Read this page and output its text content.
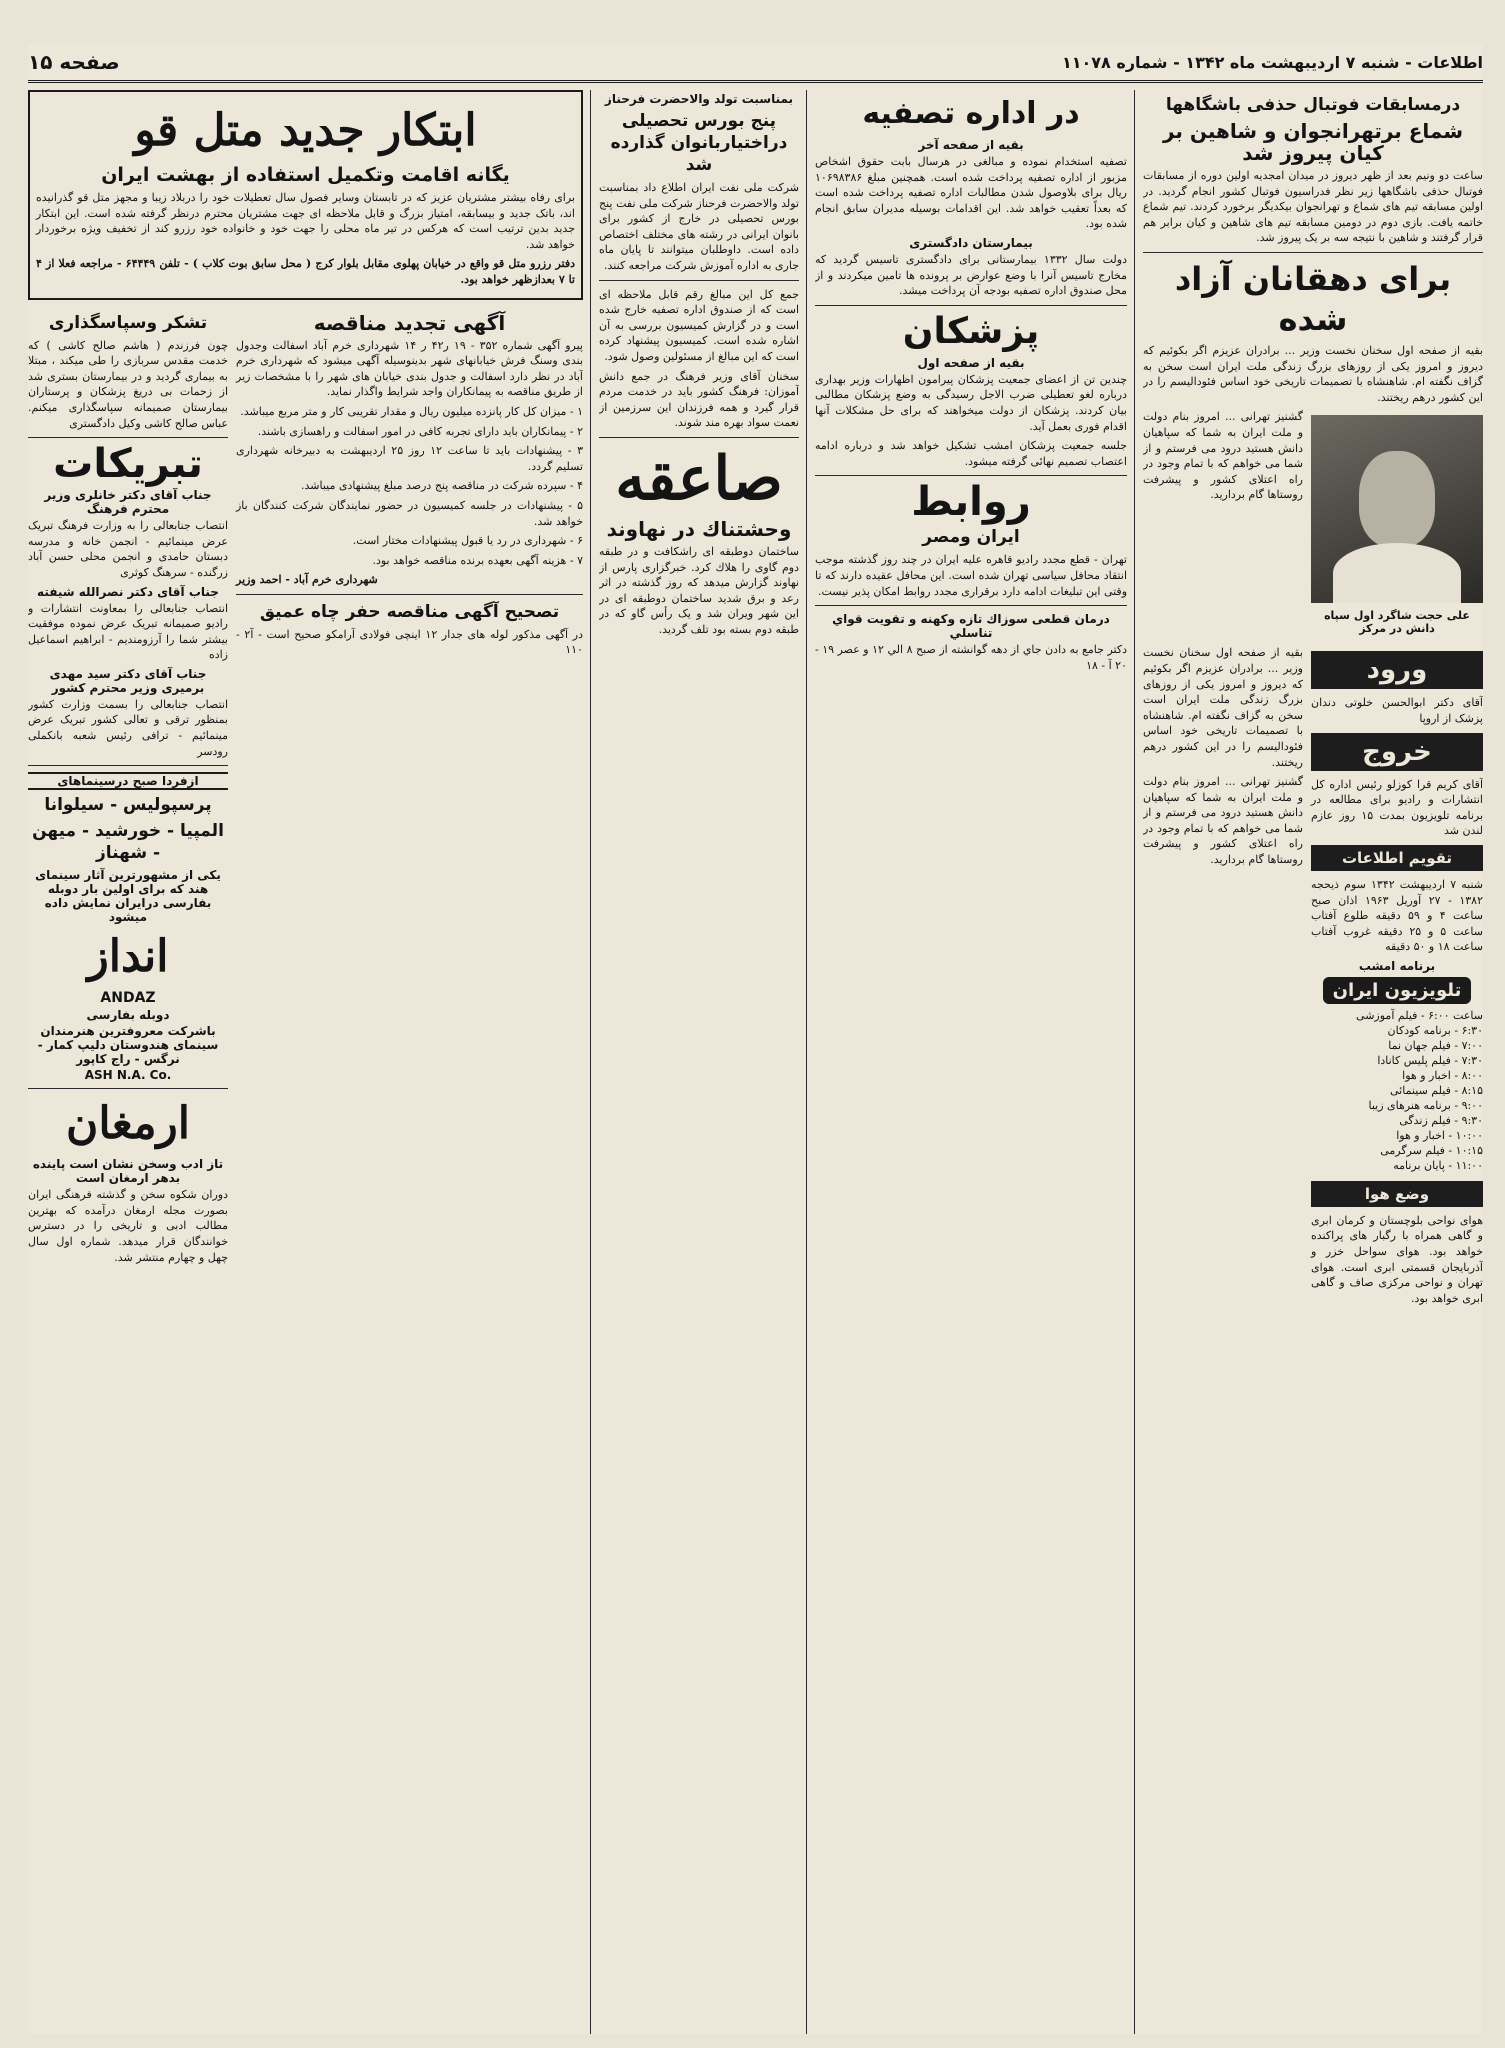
اطلاعات - شنبه ۷ اردیبهشت ماه ۱۳۴۲ - شماره ۱۱۰۷۸
صفحه ۱۵
درمسابقات فوتبال حذفی باشگاهها
شماع برتهرانجوان و شاهین بر کیان پیروز شد

ساعت دو ونیم بعد از ظهر دیروز در میدان امجدیه اولین دوره از مسابقات فوتبال حذفی باشگاهها زیر نظر فدراسیون فوتبال کشور انجام گردید. در اولین مسابقه تیم های شماع و تهرانجوان بیکدیگر برخورد کردند. تیم شماع خاتمه یافت. بازی دوم در دومین مسابقه تیم های شاهین و کیان برابر هم قرار گرفتند و شاهین با نتیجه سه بر یک پیروز شد.

برای دهقانان آزاد شده

بقیه از صفحه اول سخنان نخست وزیر ... برادران عزیزم اگر بکوئیم که دیروز و امروز یکی از روزهای بزرگ زندگی ملت ایران است سخن به گزاف نگفته ام. شاهنشاه با تصمیمات تاریخی خود اساس فئودالیسم را در این کشور درهم ریختند.

علی حجت شاگرد اول سپاه دانش در مرکز

گشنیز تهرانی ... امروز بنام دولت و ملت ایران به شما که سپاهیان دانش هستید درود می فرستم و از شما می خواهم که با تمام وجود در راه اعتلای کشور و پیشرفت روستاها گام بردارید.

ورود

آقای دکتر ابوالحسن خلوتی دندان پزشک از اروپا

خروج

آقای کریم قرا کوزلو رئیس اداره کل انتشارات و رادیو برای مطالعه در برنامه تلویزیون بمدت ۱۵ روز عازم لندن شد

تقویم اطلاعات

شنبه ۷ اردیبهشت ۱۳۴۲ سوم ذیحجه ۱۳۸۲ - ۲۷ آوریل ۱۹۶۳ اذان صبح ساعت ۴ و ۵۹ دقیقه طلوع آفتاب ساعت ۵ و ۲۵ دقیقه غروب آفتاب ساعت ۱۸ و ۵۰ دقیقه

برنامه امشب
تلویزیون ایران
ساعت ۶:۰۰ - فیلم آموزشی
۶:۳۰ - برنامه کودکان
۷:۰۰ - فیلم جهان نما
۷:۳۰ - فیلم پلیس کانادا
۸:۰۰ - اخبار و هوا
۸:۱۵ - فیلم سینمائی
۹:۰۰ - برنامه هنرهای زیبا
۹:۳۰ - فیلم زندگی
۱۰:۰۰ - اخبار و هوا
۱۰:۱۵ - فیلم سرگرمی
۱۱:۰۰ - پایان برنامه
وضع هوا

هوای نواحی بلوچستان و کرمان ابری و گاهی همراه با رگبار های پراکنده خواهد بود. هوای سواحل خزر و آذربایجان قسمتی ابری است. هوای تهران و نواحی مرکزی صاف و گاهی ابری خواهد بود.

بقیه از صفحه اول سخنان نخست وزیر ... برادران عزیزم اگر بکوئیم که دیروز و امروز یکی از روزهای بزرگ زندگی ملت ایران است سخن به گزاف نگفته ام. شاهنشاه با تصمیمات تاریخی خود اساس فئودالیسم را در این کشور درهم ریختند.

گشنیز تهرانی ... امروز بنام دولت و ملت ایران به شما که سپاهیان دانش هستید درود می فرستم و از شما می خواهم که با تمام وجود در راه اعتلای کشور و پیشرفت روستاها گام بردارید.

در اداره تصفیه
بقیه از صفحه آخر

تصفیه استخدام نموده و مبالغی در هرسال بابت حقوق اشخاص مزبور از اداره تصفیه پرداخت شده است. همچنین مبلغ ۱۰۶۹۸۳۸۶ ریال برای بلاوصول شدن مطالبات اداره تصفیه پرداخت شده است که بعداً تعقیب خواهد شد. این اقدامات بوسیله مدیران سابق انجام شده بود.

بیمارستان دادگستری

دولت سال ۱۳۳۲ بیمارستانی برای دادگستری تاسیس گردید که مخارج تاسیس آنرا با وضع عوارض بر پرونده ها تامین میکردند و از محل صندوق اداره تصفیه بودجه آن پرداخت میشد.

پزشکان
بقیه از صفحه اول

چندین تن از اعضای جمعیت پزشکان پیرامون اظهارات وزیر بهداری درباره لغو تعطیلی ضرب الاجل رسیدگی به وضع پزشکان مطالبی بیان کردند. پزشکان از دولت میخواهند که برای حل مشکلات آنها اقدام فوری بعمل آید.

جلسه جمعیت پزشکان امشب تشکیل خواهد شد و درباره ادامه اعتصاب تصمیم نهائی گرفته میشود.

روابط
ایران ومصر

تهران - قطع مجدد رادیو قاهره علیه ایران در چند روز گذشته موجب انتقاد محافل سیاسی تهران شده است. این محافل عقیده دارند که تا وقتی این تبلیغات ادامه دارد برقراری مجدد روابط امکان پذیر نیست.

درمان قطعی سوزاك تازه وكهنه و تقويت قواي تناسلي

دكتر جامع به دادن جاي از دهه گوانشته از صبح ۸ الي ۱۲ و عصر ۱۹ - ۲۰ آ - ۱۸

بمناسبت تولد والاحضرت فرحناز
پنج بورس تحصیلی دراختیاربانوان گذارده شد

شرکت ملی نفت ایران اطلاع داد بمناسبت تولد والاحضرت فرحناز شرکت ملی نفت پنج بورس تحصیلی در خارج از کشور برای بانوان ایرانی در رشته های مختلف اختصاص داده است. داوطلبان میتوانند تا پایان ماه جاری به اداره آموزش شرکت مراجعه کنند.

جمع کل این مبالغ رقم قابل ملاحظه ای است که از صندوق اداره تصفیه خارج شده است و در گزارش کمیسیون بررسی به آن اشاره شده است. کمیسیون پیشنهاد کرده است که این مبالغ از مسئولین وصول شود.

سخنان آقای وزیر فرهنگ در جمع دانش آموزان: فرهنگ کشور باید در خدمت مردم قرار گیرد و همه فرزندان این سرزمین از نعمت سواد بهره مند شوند.

صاعقه
وحشتناك در نهاوند

ساختمان دوطبقه ای راشکافت و در طبقه دوم گاوی را هلاك کرد. خبرگزاری پارس از نهاوند گزارش میدهد که روز گذشته در اثر رعد و برق شدید ساختمان دوطبقه ای در این شهر ویران شد و یک رأس گاو که در طبقه دوم بسته بود تلف گردید.

ابتکار جدید متل قو
یگانه اقامت وتکمیل استفاده از بهشت ایران

برای رفاه بیشتر مشتریان عزیز که در تابستان وسایر فصول سال تعطیلات خود را دربلاد زیبا و مجهز متل قو گذرانیده اند، باتک جدید و بیسابقه، امتیاز بزرگ و قابل ملاحظه ای جهت مشتریان محترم درنظر گرفته شده است. این ابتکار جدید بدین ترتیب است که هرکس در تیر ماه محلی را جهت خود و خانواده خود رزرو کند از تخفیف ویژه برخوردار خواهد شد.

دفتر رزرو متل قو واقع در خیابان پهلوی مقابل بلوار کرج ( محل سابق بوت کلاب ) - تلفن ۶۴۴۴۹ - مراجعه فعلا از ۴ تا ۷ بعدازظهر خواهد بود.

تشکر وسپاسگذاری

چون فرزندم ( هاشم صالح کاشی ) که خدمت مقدس سربازی را طی میکند ، مبتلا به بیماری گردید و در بیمارستان بستری شد از زحمات بی دریغ پزشکان و پرستاران بیمارستان صمیمانه سپاسگذاری میکنم. عباس صالح کاشی وکیل دادگستری

تبریکات
جناب آقای دکتر خانلری وزیر محترم فرهنگ

انتصاب جنابعالی را به وزارت فرهنگ تبریک عرض مینمائیم - انجمن خانه و مدرسه دبستان حامدی و انجمن محلی حسن آباد زرگنده - سرهنگ کوثری

جناب آقای دکتر نصرالله شیفته

انتصاب جنابعالی را بمعاونت انتشارات و رادیو صمیمانه تبریک عرض نموده موفقیت بیشتر شما را آرزومندیم - ابراهیم اسماعیل زاده

جناب آقای دکتر سید مهدی برمیری وزیر محترم کشور

انتصاب جنابعالی را بسمت وزارت کشور بمنظور ترقی و تعالی کشور تبریک عرض مینمائیم - ترافی رئیس شعبه بانکملی رودسر

ازفردا صبح درسینماهای
پرسپولیس - سیلوانا
المپیا - خورشید - میهن - شهناز
یکی از مشهورترین آثار سینمای هند که برای اولین بار دوبله بفارسی درایران نمایش داده میشود
انداز
ANDAZ
دوبله بفارسی
باشرکت معروفترین هنرمندان سینمای هندوستان دلیپ کمار - نرگس - راج کاپور
ASH N.A. Co.
ارمغان
تاز ادب وسخن نشان است پاینده بدهر ارمغان است

دوران شکوه سخن و گذشته فرهنگی ایران بصورت مجله ارمغان درآمده که بهترین مطالب ادبی و تاریخی را در دسترس خوانندگان قرار میدهد. شماره اول سال چهل و چهارم منتشر شد.

آگهی تجدید مناقصه

پیرو آگهی شماره ۳۵۲ - ۱۹ ر۴۲ ر ۱۴ شهرداری خرم آباد اسفالت وجدول بندی وسنگ فرش خیابانهای شهر بدینوسیله آگهی میشود که شهرداری خرم آباد در نظر دارد اسفالت و جدول بندی خیابان های شهر را با مشخصات زیر از طریق مناقصه به پیمانکاران واجد شرایط واگذار نماید.

۱ - میزان کل کار پانزده میلیون ریال و مقدار تقریبی کار و متر مربع میباشد.

۲ - پیمانکاران باید دارای تجربه کافی در امور اسفالت و راهسازی باشند.

۳ - پیشنهادات باید تا ساعت ۱۲ روز ۲۵ اردیبهشت به دبیرخانه شهرداری تسلیم گردد.

۴ - سپرده شرکت در مناقصه پنج درصد مبلغ پیشنهادی میباشد.

۵ - پیشنهادات در جلسه کمیسیون در حضور نمایندگان شرکت کنندگان باز خواهد شد.

۶ - شهرداری در رد یا قبول پیشنهادات مختار است.

۷ - هزینه آگهی بعهده برنده مناقصه خواهد بود.

شهرداری خرم آباد - احمد وزیر

تصحیح آگهی مناقصه حفر چاه عمیق

در آگهی مذکور لوله های جدار ۱۲ اینچی فولادی آرامکو صحیح است - آ۲ - ۱۱۰
